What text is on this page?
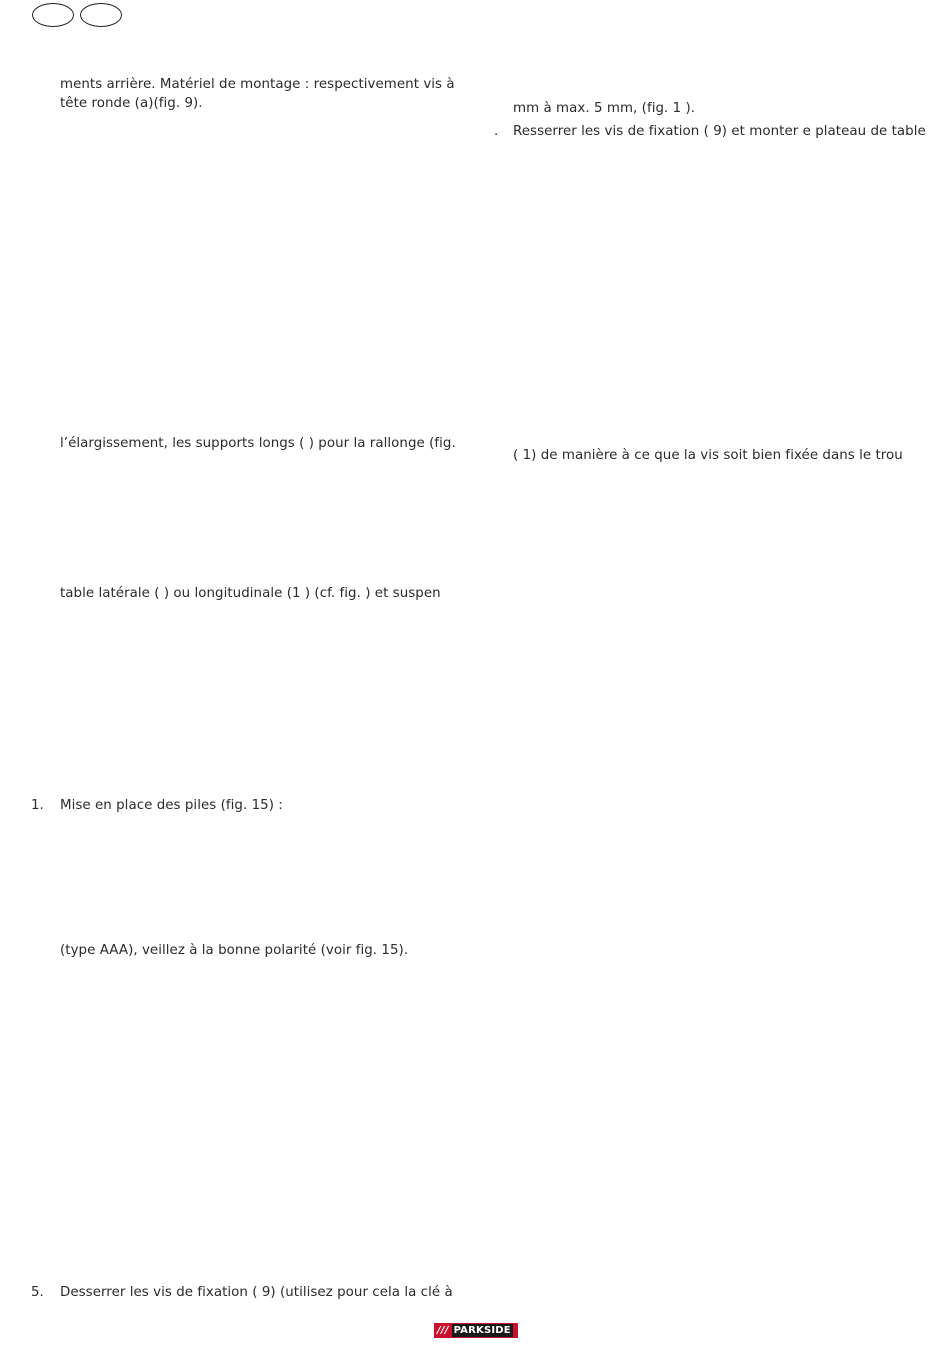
ments arrière. Matériel de montage : respectivement vis à
tête ronde (a)(fig. 9).
l’élargissement, les supports longs ( ) pour la rallonge (fig.
table latérale ( ) ou longitudinale (1 ) (cf. fig. ) et suspen
1. Mise en place des piles (fig. 15) :
(type AAA), veillez à la bonne polarité (voir fig. 15).
5. Desserrer les vis de fixation ( 9) (utilisez pour cela la clé à
mm à max. 5 mm, (fig. 1 ).
. Resserrer les vis de fixation ( 9) et monter e plateau de table
( 1) de manière à ce que la vis soit bien fixée dans le trou
/// PARKSIDE
